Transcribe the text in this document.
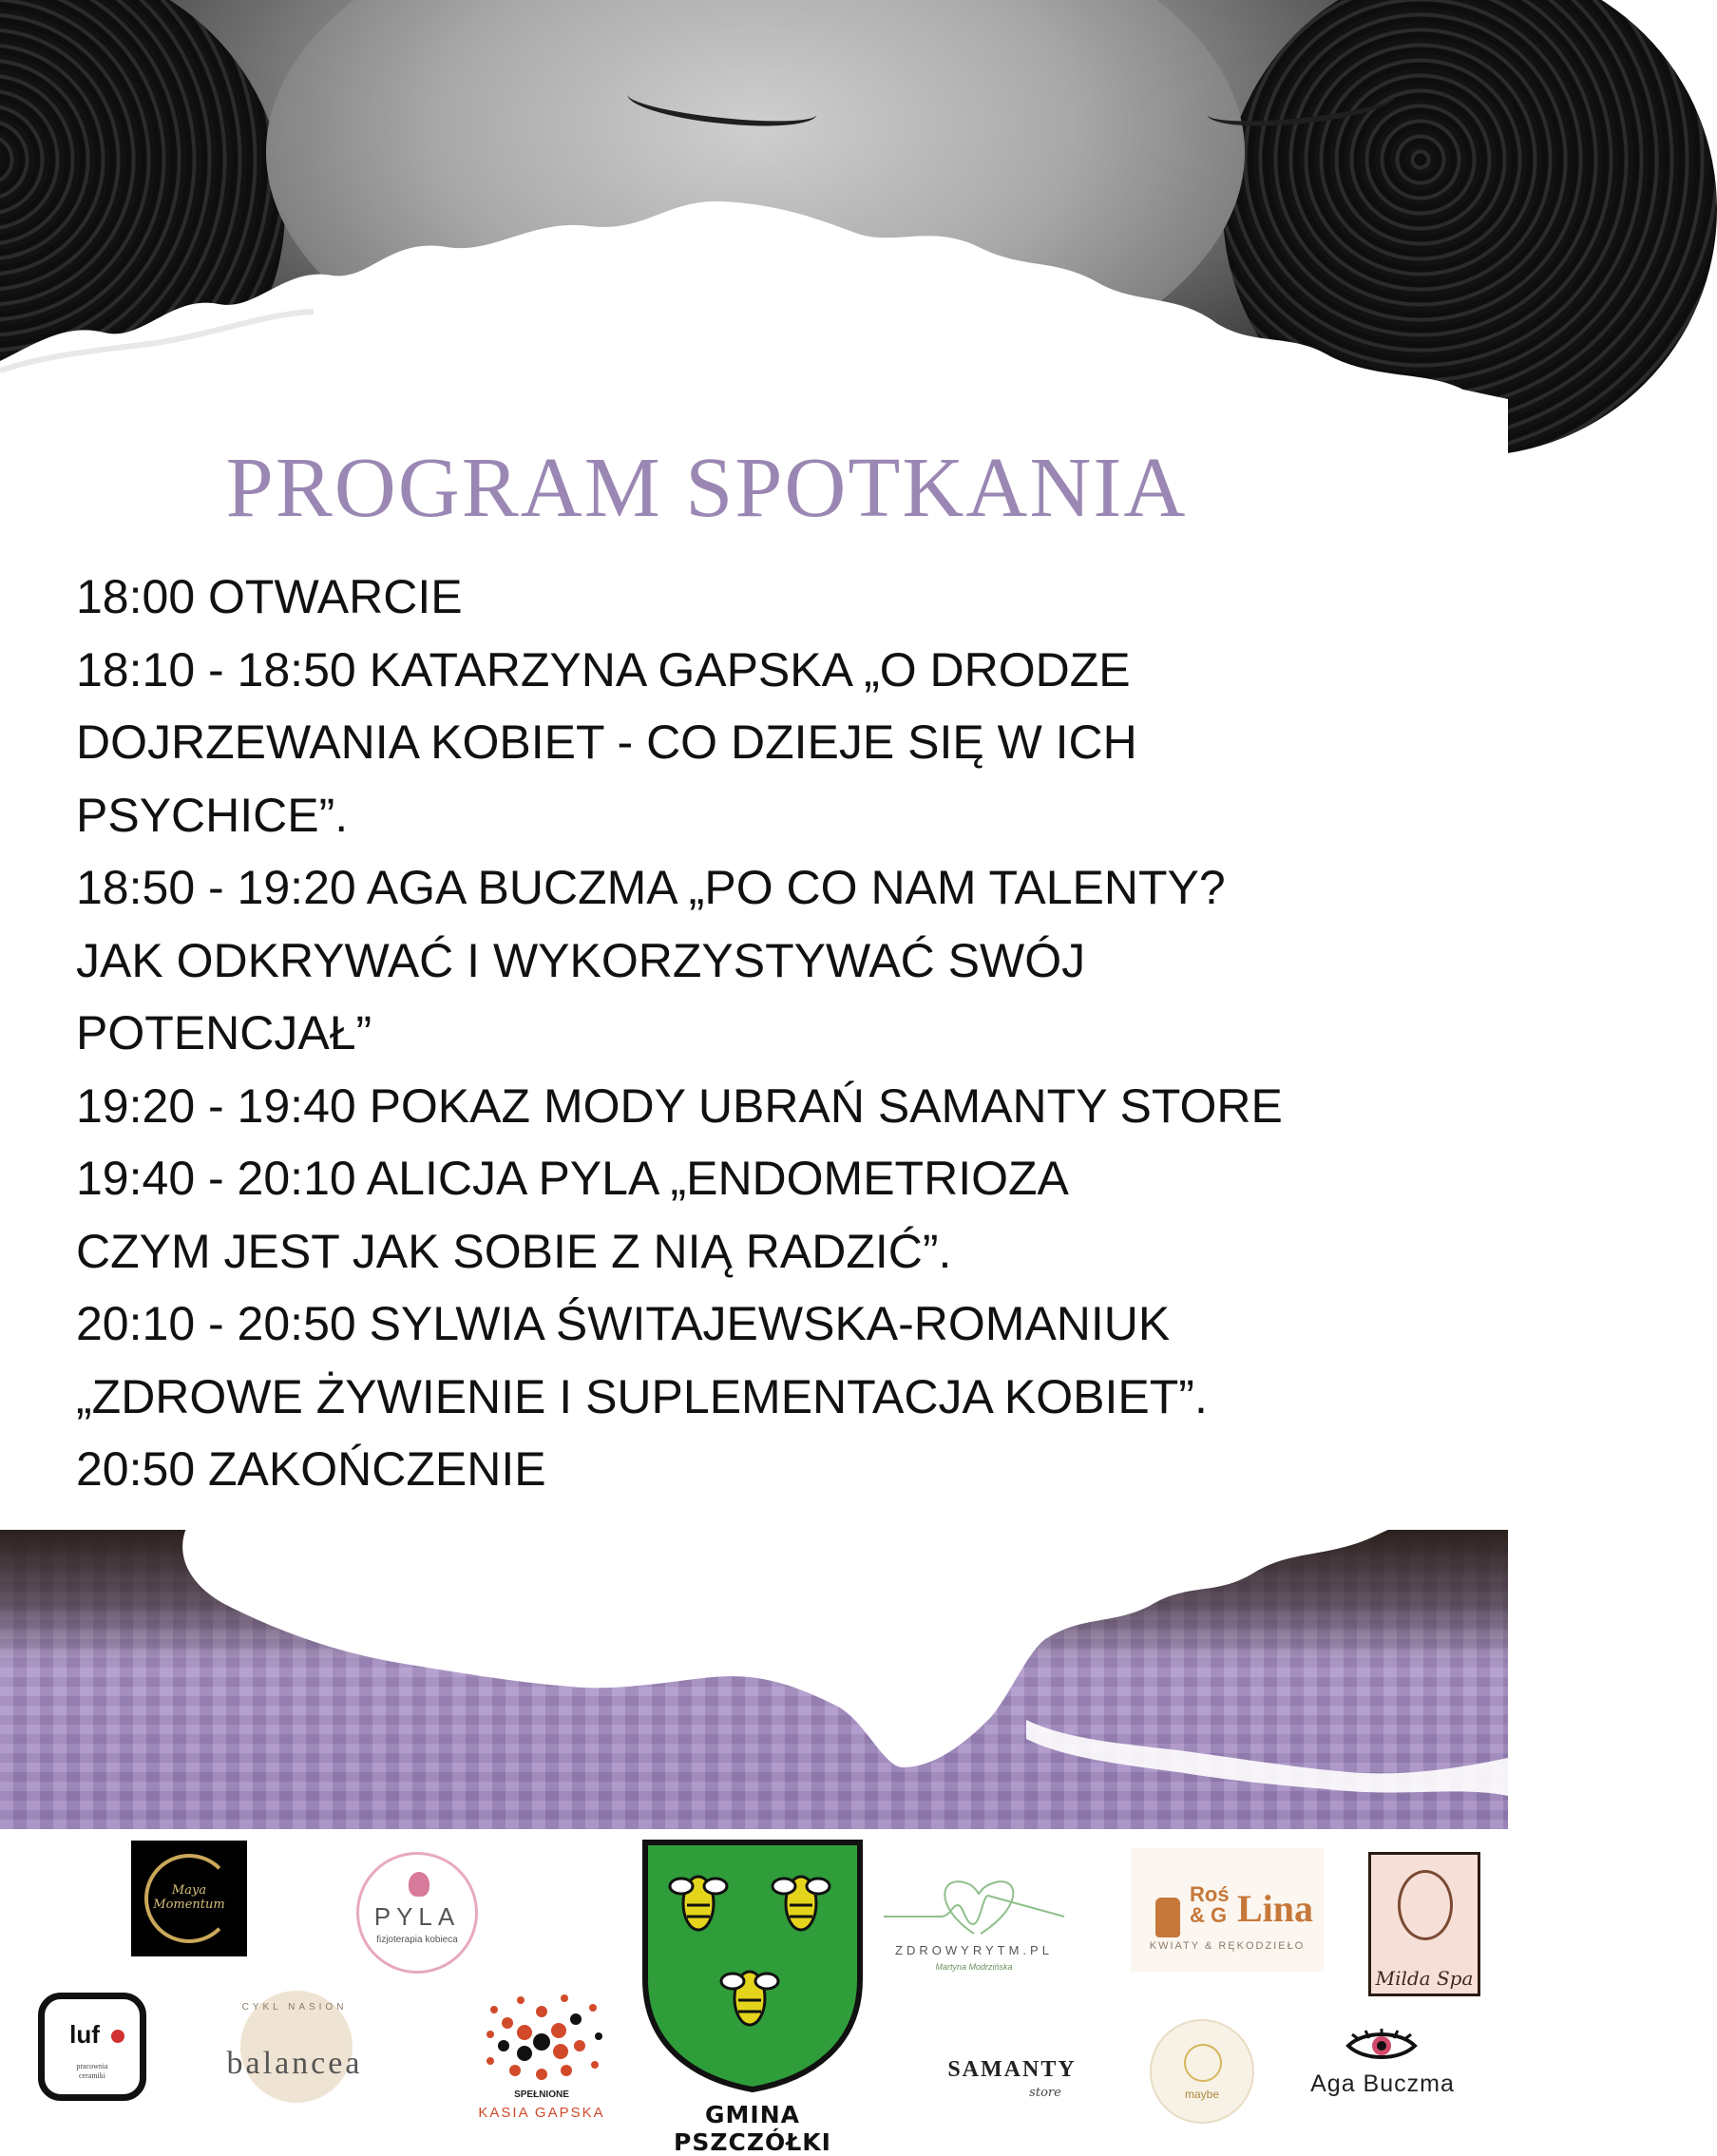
PROGRAM SPOTKANIA
18:00 OTWARCIE
18:10 - 18:50 KATARZYNA GAPSKA „O DRODZE
DOJRZEWANIA KOBIET - CO DZIEJE SIĘ W ICH
PSYCHICE”.
18:50 - 19:20 AGA BUCZMA „PO CO NAM TALENTY?
JAK ODKRYWAĆ I WYKORZYSTYWAĆ SWÓJ
POTENCJAŁ”
19:20 - 19:40 POKAZ MODY UBRAŃ SAMANTY STORE
19:40 - 20:10 ALICJA PYLA „ENDOMETRIOZA
CZYM JEST JAK SOBIE Z NIĄ RADZIĆ”.
20:10 - 20:50 SYLWIA ŚWITAJEWSKA-ROMANIUK
„ZDROWE ŻYWIENIE I SUPLEMENTACJA KOBIET”.
20:50 ZAKOŃCZENIE
Maya
Momentum	PYLA
fizjoterapia kobieca
GMINA PSZCZÓŁKI
ZDROWYRYTM.PL
Martyna Modrzińska
Roś & G Lina
KWIATY & RĘKODZIEŁO
Milda Spa
luf
pracownia
ceramiki
CYKL NASION
balancea
SPEŁNIONE
KASIA GAPSKA
SAMANTY
store	maybe	Aga Buczma
